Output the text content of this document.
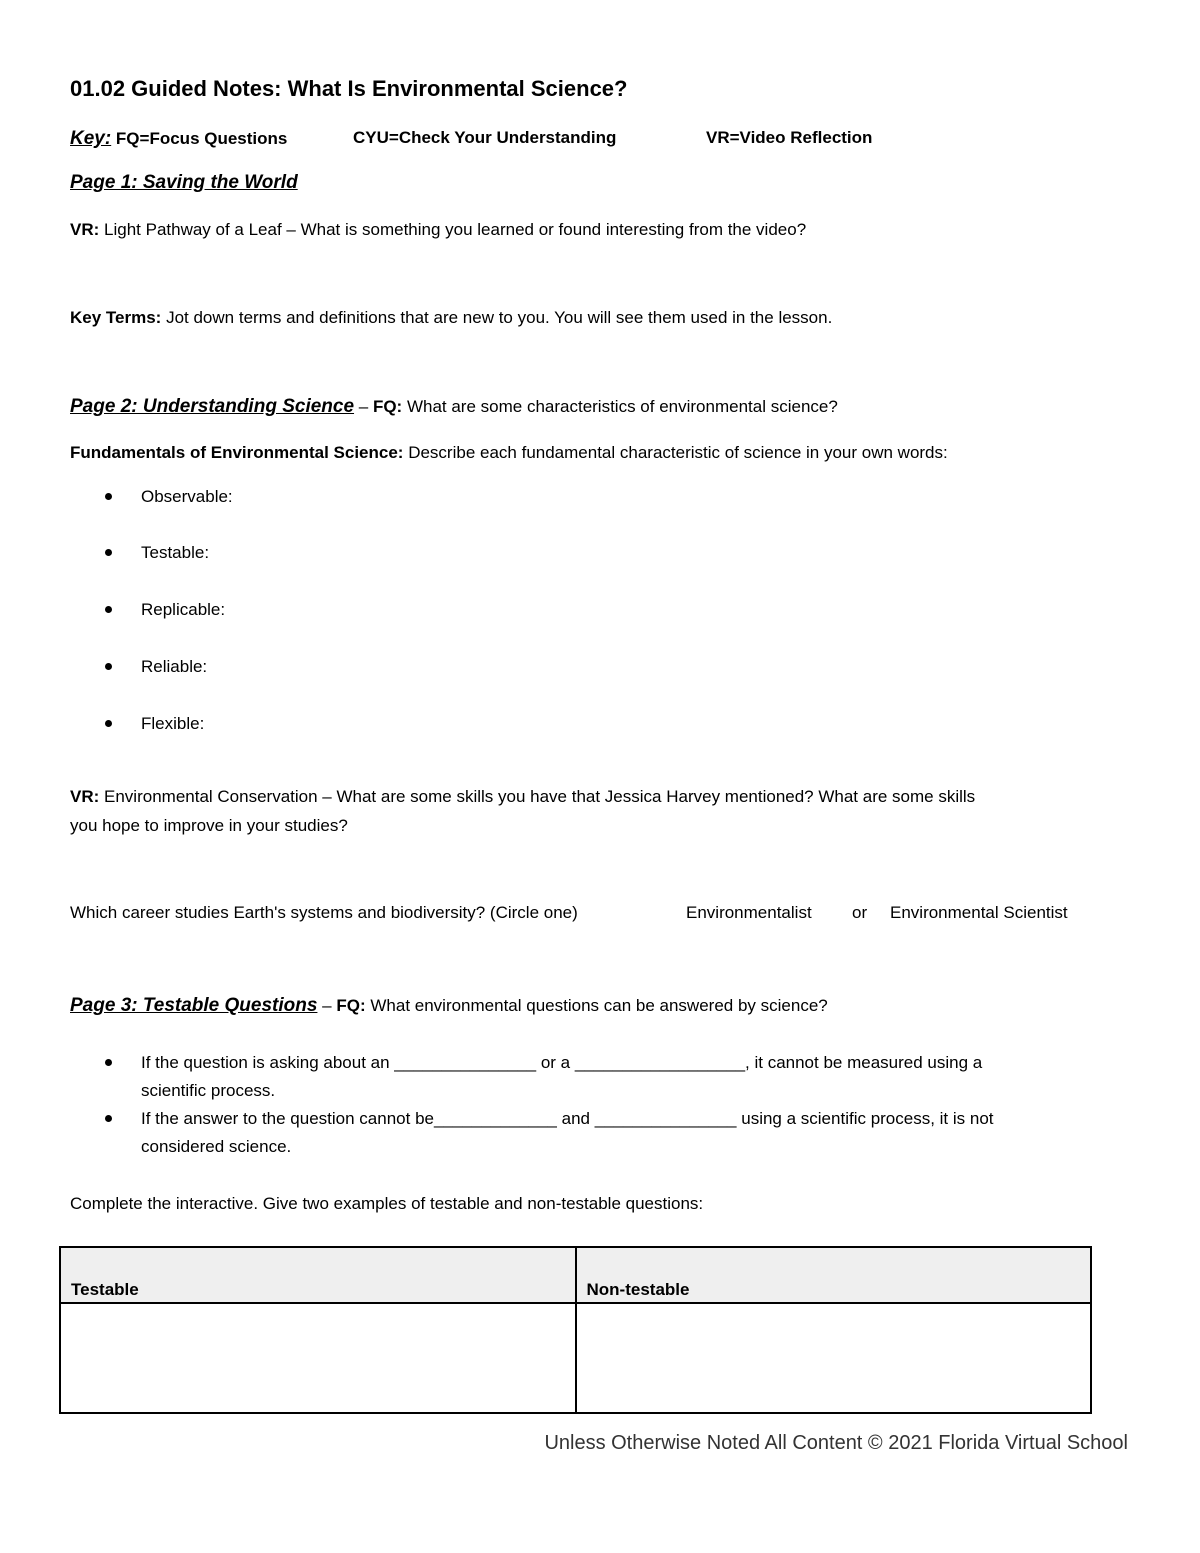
01.02 Guided Notes: What Is Environmental Science?
Key: FQ=Focus Questions	CYU=Check Your Understanding	VR=Video Reflection
Page 1: Saving the World
VR: Light Pathway of a Leaf – What is something you learned or found interesting from the video?
Key Terms: Jot down terms and definitions that are new to you. You will see them used in the lesson.
Page 2: Understanding Science – FQ: What are some characteristics of environmental science?
Fundamentals of Environmental Science: Describe each fundamental characteristic of science in your own words:
Observable:
Testable:
Replicable:
Reliable:
Flexible:
VR: Environmental Conservation – What are some skills you have that Jessica Harvey mentioned? What are some skills
you hope to improve in your studies?
Which career studies Earth's systems and biodiversity? (Circle one)	Environmentalist or Environmental Scientist
Page 3: Testable Questions – FQ: What environmental questions can be answered by science?
If the question is asking about an _______________ or a __________________, it cannot be measured using a
scientific process.
If the answer to the question cannot be_____________ and _______________ using a scientific process, it is not
considered science.
Complete the interactive. Give two examples of testable and non-testable questions:
Testable	Non-testable

Unless Otherwise Noted All Content © 2021 Florida Virtual School
